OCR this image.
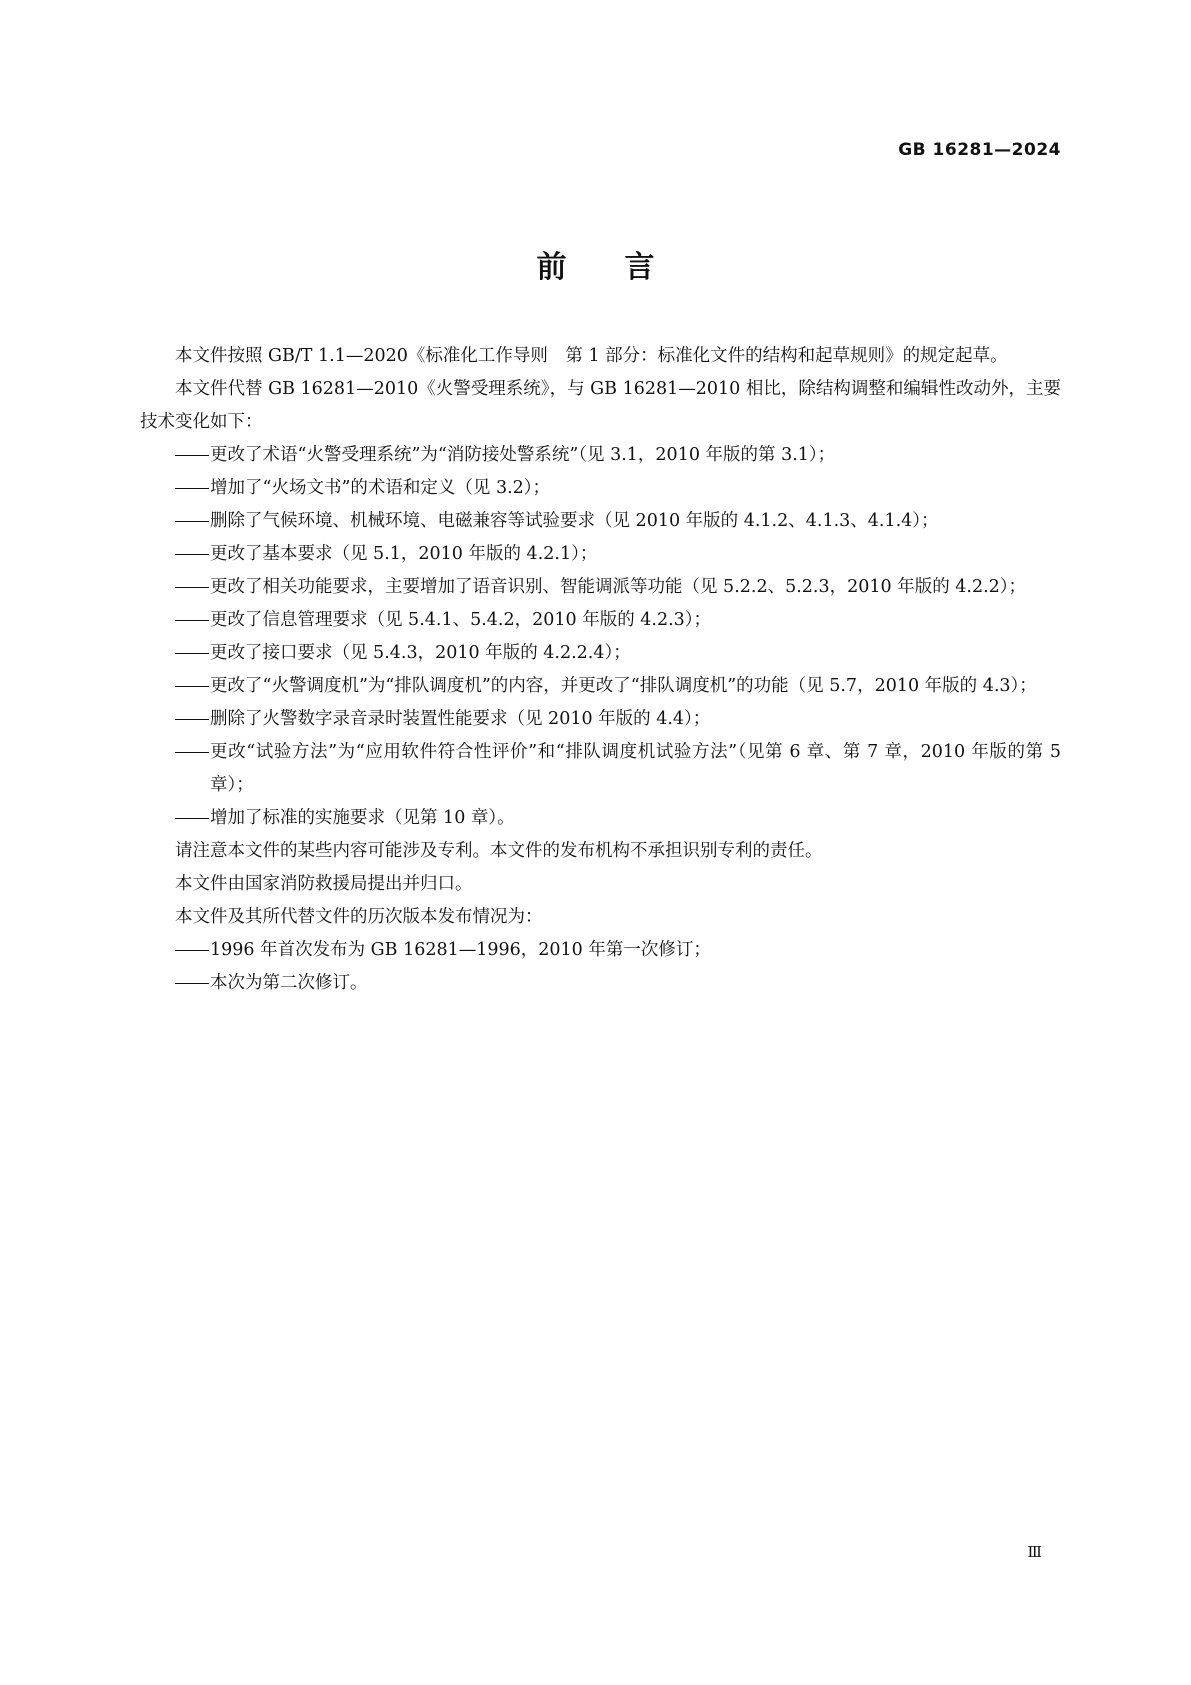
GB 16281—2024
前言

本文件按照 GB/T 1.1—2020《标准化工作导则　第 1 部分：标准化文件的结构和起草规则》的规定起草。

本文件代替 GB 16281—2010《火警受理系统》，与 GB 16281—2010 相比，除结构调整和编辑性改动外，主要技术变化如下：

更改了术语“火警受理系统”为“消防接处警系统”（见 3.1，2010 年版的第 3.1）；

增加了“火场文书”的术语和定义（见 3.2）；

删除了气候环境、机械环境、电磁兼容等试验要求（见 2010 年版的 4.1.2、4.1.3、4.1.4）；

更改了基本要求（见 5.1，2010 年版的 4.2.1）；

更改了相关功能要求，主要增加了语音识别、智能调派等功能（见 5.2.2、5.2.3，2010 年版的 4.2.2）；

更改了信息管理要求（见 5.4.1、5.4.2，2010 年版的 4.2.3）；

更改了接口要求（见 5.4.3，2010 年版的 4.2.2.4）；

更改了“火警调度机”为“排队调度机”的内容，并更改了“排队调度机”的功能（见 5.7，2010 年版的 4.3）；

删除了火警数字录音录时装置性能要求（见 2010 年版的 4.4）；

更改“试验方法”为“应用软件符合性评价”和“排队调度机试验方法”（见第 6 章、第 7 章，2010 年版的第 5 章）；

增加了标准的实施要求（见第 10 章）。

请注意本文件的某些内容可能涉及专利。本文件的发布机构不承担识别专利的责任。

本文件由国家消防救援局提出并归口。

本文件及其所代替文件的历次版本发布情况为：

1996 年首次发布为 GB 16281—1996，2010 年第一次修订；

本次为第二次修订。

Ⅲ
